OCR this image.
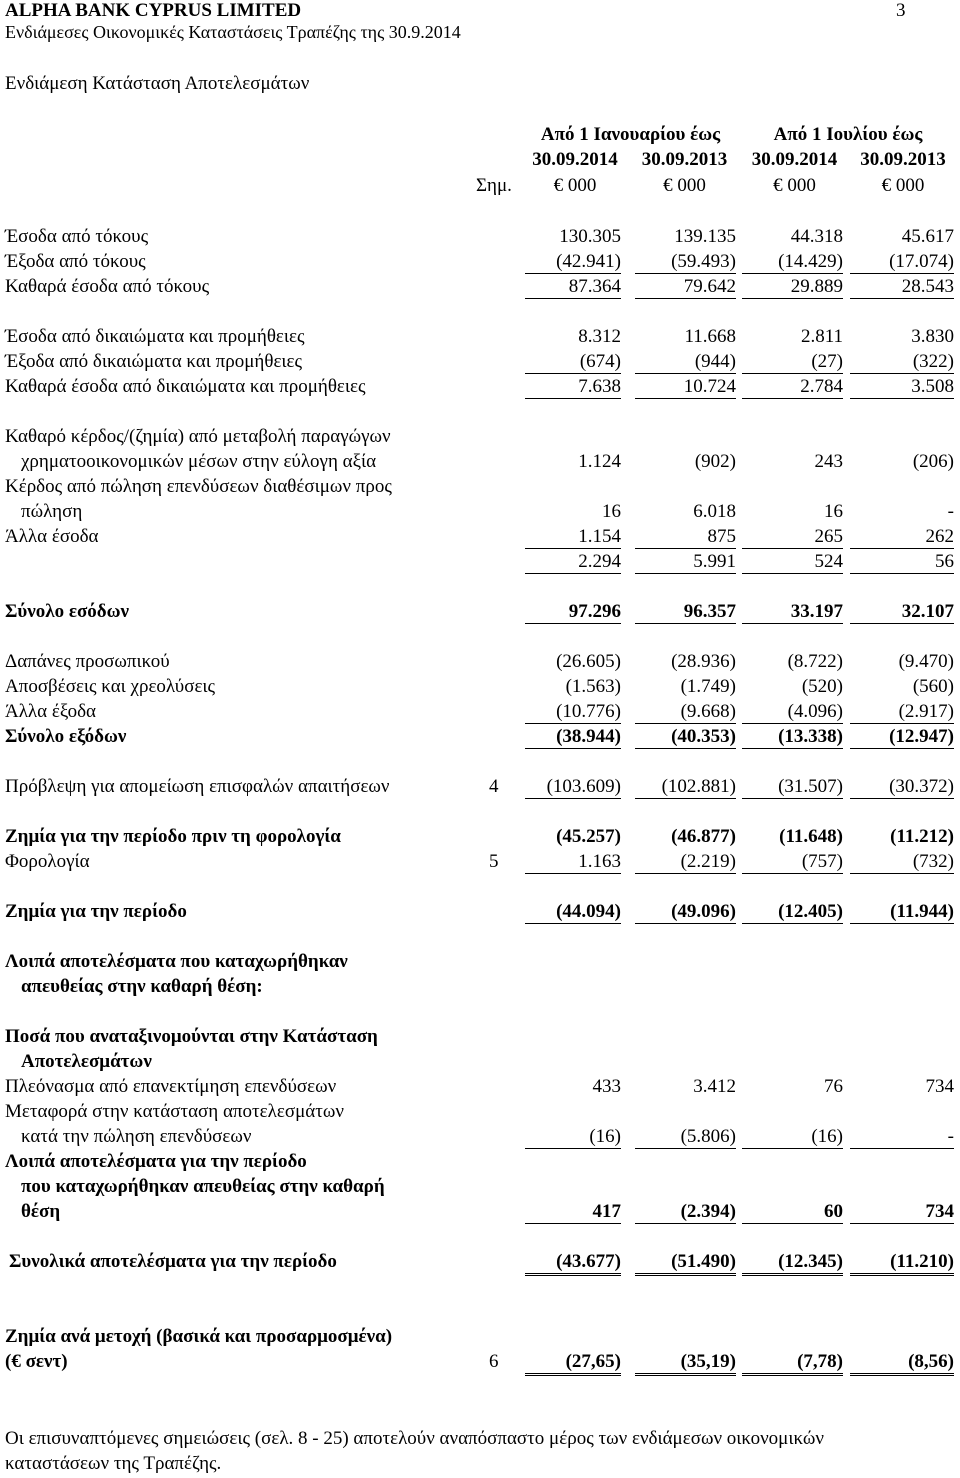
ALPHA BANK CYPRUS LIMITED
Ενδιάμεσες Οικονομικές Καταστάσεις Τραπέζης της 30.9.2014
3
Ενδιάμεση Κατάσταση Αποτελεσμάτων
Από 1 Ιανουαρίου έως	Από 1 Ιουλίου έως
30.09.2014	30.09.2013	30.09.2014	30.09.2013
Σημ.	€ 000	€ 000	€ 000	€ 000
Έσοδα από τόκους	130.305	139.135	44.318	45.617
Έξοδα από τόκους	(42.941)	(59.493)	(14.429)	(17.074)
Καθαρά έσοδα από τόκους	87.364	79.642	29.889	28.543
Έσοδα από δικαιώματα και προμήθειες	8.312	11.668	2.811	3.830
Έξοδα από δικαιώματα και προμήθειες	(674)	(944)	(27)	(322)
Καθαρά έσοδα από δικαιώματα και προμήθειες	7.638	10.724	2.784	3.508
Καθαρό κέρδος/(ζημία) από μεταβολή παραγώγων
χρηματοοικονομικών μέσων στην εύλογη αξία	1.124	(902)	243	(206)
Κέρδος από πώληση επενδύσεων διαθέσιμων προς
πώληση	16	6.018	16	-
Άλλα έσοδα	1.154	875	265	262
2.294	5.991	524	56
Σύνολο εσόδων	97.296	96.357	33.197	32.107
Δαπάνες προσωπικού	(26.605)	(28.936)	(8.722)	(9.470)
Αποσβέσεις και χρεολύσεις	(1.563)	(1.749)	(520)	(560)
Άλλα έξοδα	(10.776)	(9.668)	(4.096)	(2.917)
Σύνολο εξόδων	(38.944)	(40.353)	(13.338)	(12.947)
Πρόβλεψη για απομείωση επισφαλών απαιτήσεων	4	(103.609)	(102.881)	(31.507)	(30.372)
Ζημία για την περίοδο πριν τη φορολογία	(45.257)	(46.877)	(11.648)	(11.212)
Φορολογία	5	1.163	(2.219)	(757)	(732)
Ζημία για την περίοδο	(44.094)	(49.096)	(12.405)	(11.944)
Λοιπά αποτελέσματα που καταχωρήθηκαν
απευθείας στην καθαρή θέση:
Ποσά που αναταξινομούνται στην Κατάσταση
Αποτελεσμάτων
Πλεόνασμα από επανεκτίμηση επενδύσεων	433	3.412	76	734
Μεταφορά στην κατάσταση αποτελεσμάτων
κατά την πώληση επενδύσεων	(16)	(5.806)	(16)	-
Λοιπά αποτελέσματα για την περίοδο
που καταχωρήθηκαν απευθείας στην καθαρή
θέση	417	(2.394)	60	734
Συνολικά αποτελέσματα για την περίοδο	(43.677)	(51.490)	(12.345)	(11.210)
Ζημία ανά μετοχή (βασικά και προσαρμοσμένα)
(€ σεντ)	6	(27,65)	(35,19)	(7,78)	(8,56)
Οι επισυναπτόμενες σημειώσεις (σελ. 8 - 25) αποτελούν αναπόσπαστο μέρος των ενδιάμεσων οικονομικών καταστάσεων της Τραπέζης.
